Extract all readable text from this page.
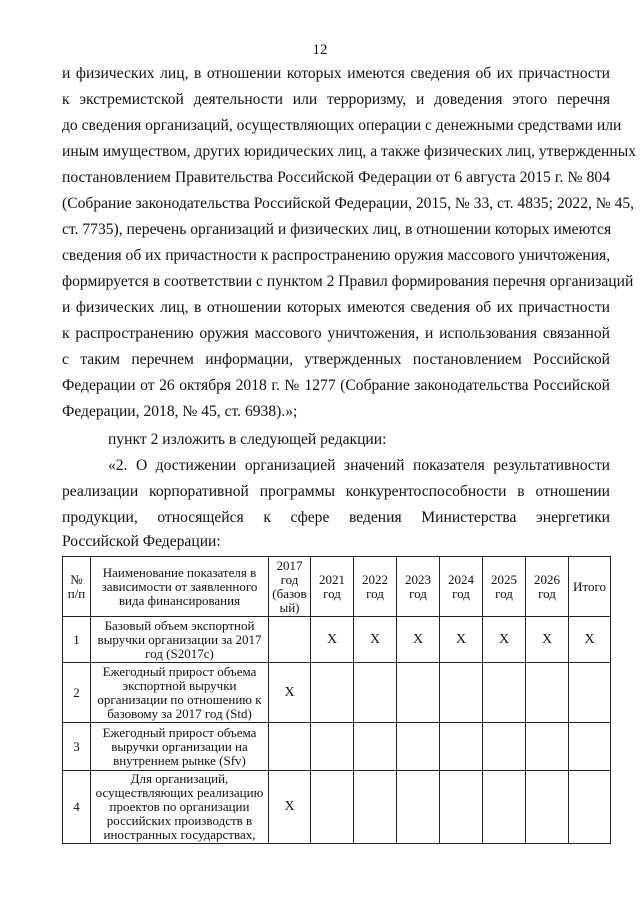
12
и физических лиц, в отношении которых имеются сведения об их причастности
к экстремистской деятельности или терроризму, и доведения этого перечня
до сведения организаций, осуществляющих операции с денежными средствами или
иным имуществом, других юридических лиц, а также физических лиц, утвержденных
постановлением Правительства Российской Федерации от 6 августа 2015 г. № 804
(Собрание законодательства Российской Федерации, 2015, № 33, ст. 4835; 2022, № 45,
ст. 7735), перечень организаций и физических лиц, в отношении которых имеются
сведения об их причастности к распространению оружия массового уничтожения,
формируется в соответствии с пунктом 2 Правил формирования перечня организаций
и физических лиц, в отношении которых имеются сведения об их причастности
к распространению оружия массового уничтожения, и использования связанной
с таким перечнем информации, утвержденных постановлением Российской
Федерации от 26 октября 2018 г. № 1277 (Собрание законодательства Российской
Федерации, 2018, № 45, ст. 6938).»;
пункт 2 изложить в следующей редакции:
«2. О достижении организацией значений показателя результативности
реализации корпоративной программы конкурентоспособности в отношении
продукции, относящейся к сфере ведения Министерства энергетики
Российской Федерации:
№ п/п	Наименование показателя в зависимости от заявленного вида финансирования	2017 год (базов ый)	2021 год	2022 год	2023 год	2024 год	2025 год	2026 год	Итого
1	Базовый объем экспортной выручки организации за 2017 год (S2017с)		X	X	X	X	X	X	X
2	Ежегодный прирост объема экспортной выручки организации по отношению к базовому за 2017 год (Std)	X							
3	Ежегодный прирост объема выручки организации на внутреннем рынке (Sfv)								
4	Для организаций, осуществляющих реализацию проектов по организации российских производств в иностранных государствах,	X							
